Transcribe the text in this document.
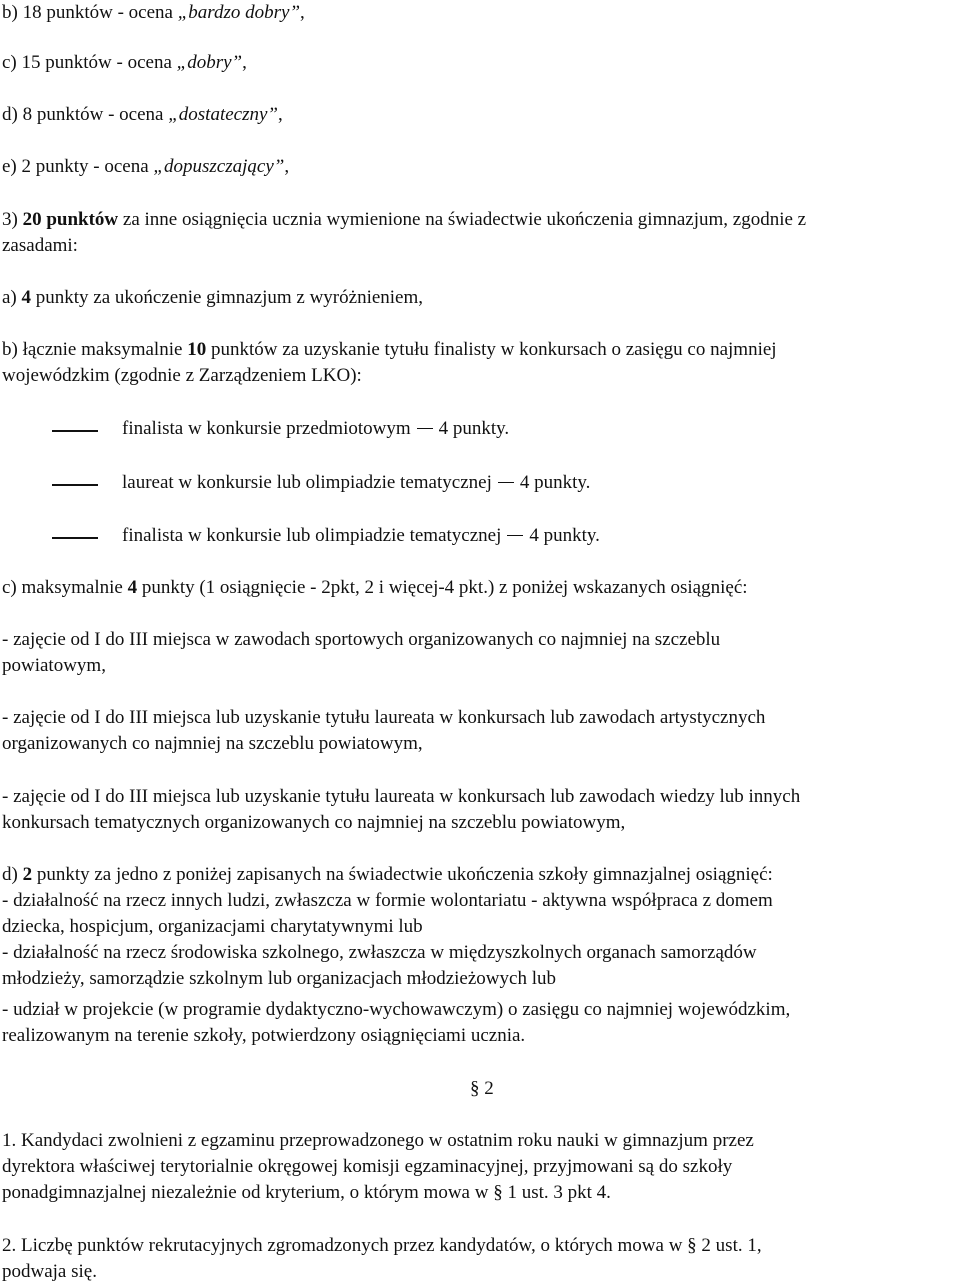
b) 18 punktów - ocena „bardzo dobry”,
c) 15 punktów - ocena „dobry”,
d) 8 punktów - ocena „dostateczny”,
e) 2 punkty - ocena „dopuszczający”,
3) 20 punktów za inne osiągnięcia ucznia wymienione na świadectwie ukończenia gimnazjum, zgodnie z
zasadami:
a) 4 punkty za ukończenie gimnazjum z wyróżnieniem,
b) łącznie maksymalnie 10 punktów za uzyskanie tytułu finalisty w konkursach o zasięgu co najmniej
wojewódzkim (zgodnie z Zarządzeniem LKO):
finalista w konkursie przedmiotowym 4 punkty.
laureat w konkursie lub olimpiadzie tematycznej 4 punkty.
finalista w konkursie lub olimpiadzie tematycznej 4 punkty.
c) maksymalnie 4 punkty (1 osiągnięcie - 2pkt, 2 i więcej-4 pkt.) z poniżej wskazanych osiągnięć:
- zajęcie od I do III miejsca w zawodach sportowych organizowanych co najmniej na szczeblu
powiatowym,
- zajęcie od I do III miejsca lub uzyskanie tytułu laureata w konkursach lub zawodach artystycznych
organizowanych co najmniej na szczeblu powiatowym,
- zajęcie od I do III miejsca lub uzyskanie tytułu laureata w konkursach lub zawodach wiedzy lub innych
konkursach tematycznych organizowanych co najmniej na szczeblu powiatowym,
d) 2 punkty za jedno z poniżej zapisanych na świadectwie ukończenia szkoły gimnazjalnej osiągnięć:
- działalność na rzecz innych ludzi, zwłaszcza w formie wolontariatu - aktywna współpraca z domem
dziecka, hospicjum, organizacjami charytatywnymi lub
- działalność na rzecz środowiska szkolnego, zwłaszcza w międzyszkolnych organach samorządów
młodzieży, samorządzie szkolnym lub organizacjach młodzieżowych lub
- udział w projekcie (w programie dydaktyczno-wychowawczym) o zasięgu co najmniej wojewódzkim,
realizowanym na terenie szkoły, potwierdzony osiągnięciami ucznia.
§ 2
1. Kandydaci zwolnieni z egzaminu przeprowadzonego w ostatnim roku nauki w gimnazjum przez
dyrektora właściwej terytorialnie okręgowej komisji egzaminacyjnej, przyjmowani są do szkoły
ponadgimnazjalnej niezależnie od kryterium, o którym mowa w § 1 ust. 3 pkt 4.
2. Liczbę punktów rekrutacyjnych zgromadzonych przez kandydatów, o których mowa w § 2 ust. 1,
podwaja się.
